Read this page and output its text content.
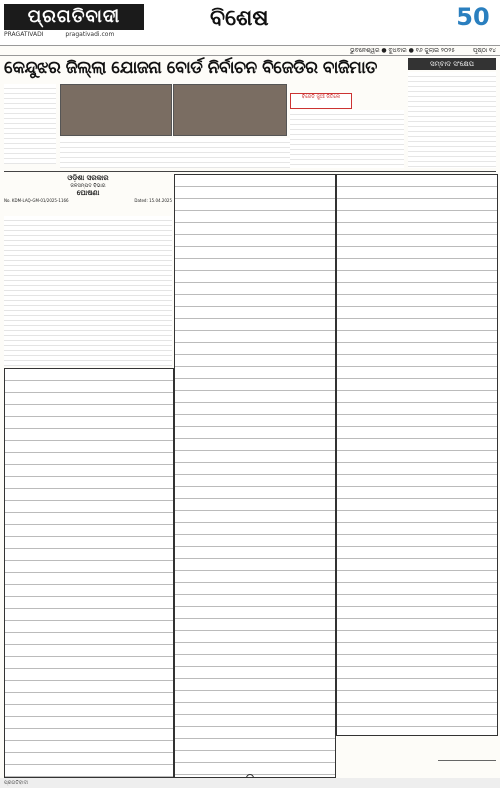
ପ୍ରଗତିବାଦୀ
PRAGATIVADI	pragativadi.com
ବିଶେଷ	50
ଭୁବନେଶ୍ୱର ● ବୁଧବାର ● ୧୬ ଜୁଲାଇ ୨୦୨୫	ପୃଷ୍ଠା ୧୪
କେନ୍ଦୁଝର ଜିଲ୍ଲା ଯୋଜନା ବୋର୍ଡ ନିର୍ବାଚନ ବିଜେଡିର ବାଜିମାତ	ସମ୍ବାଦ ସଂକ୍ଷେପ
ବିଜେଡି ଜୁଆଁ ଜିତିଲେ
ଓଡ଼ିଶା ସରକାର
ଜଳସମ୍ପଦ ବିଭାଗ
ଘୋଷଣା
No. KDM-LAQ-GM-01/2025-1166	Dated: 15.04.2025
ପ୍ରଗତିବାଦୀ
